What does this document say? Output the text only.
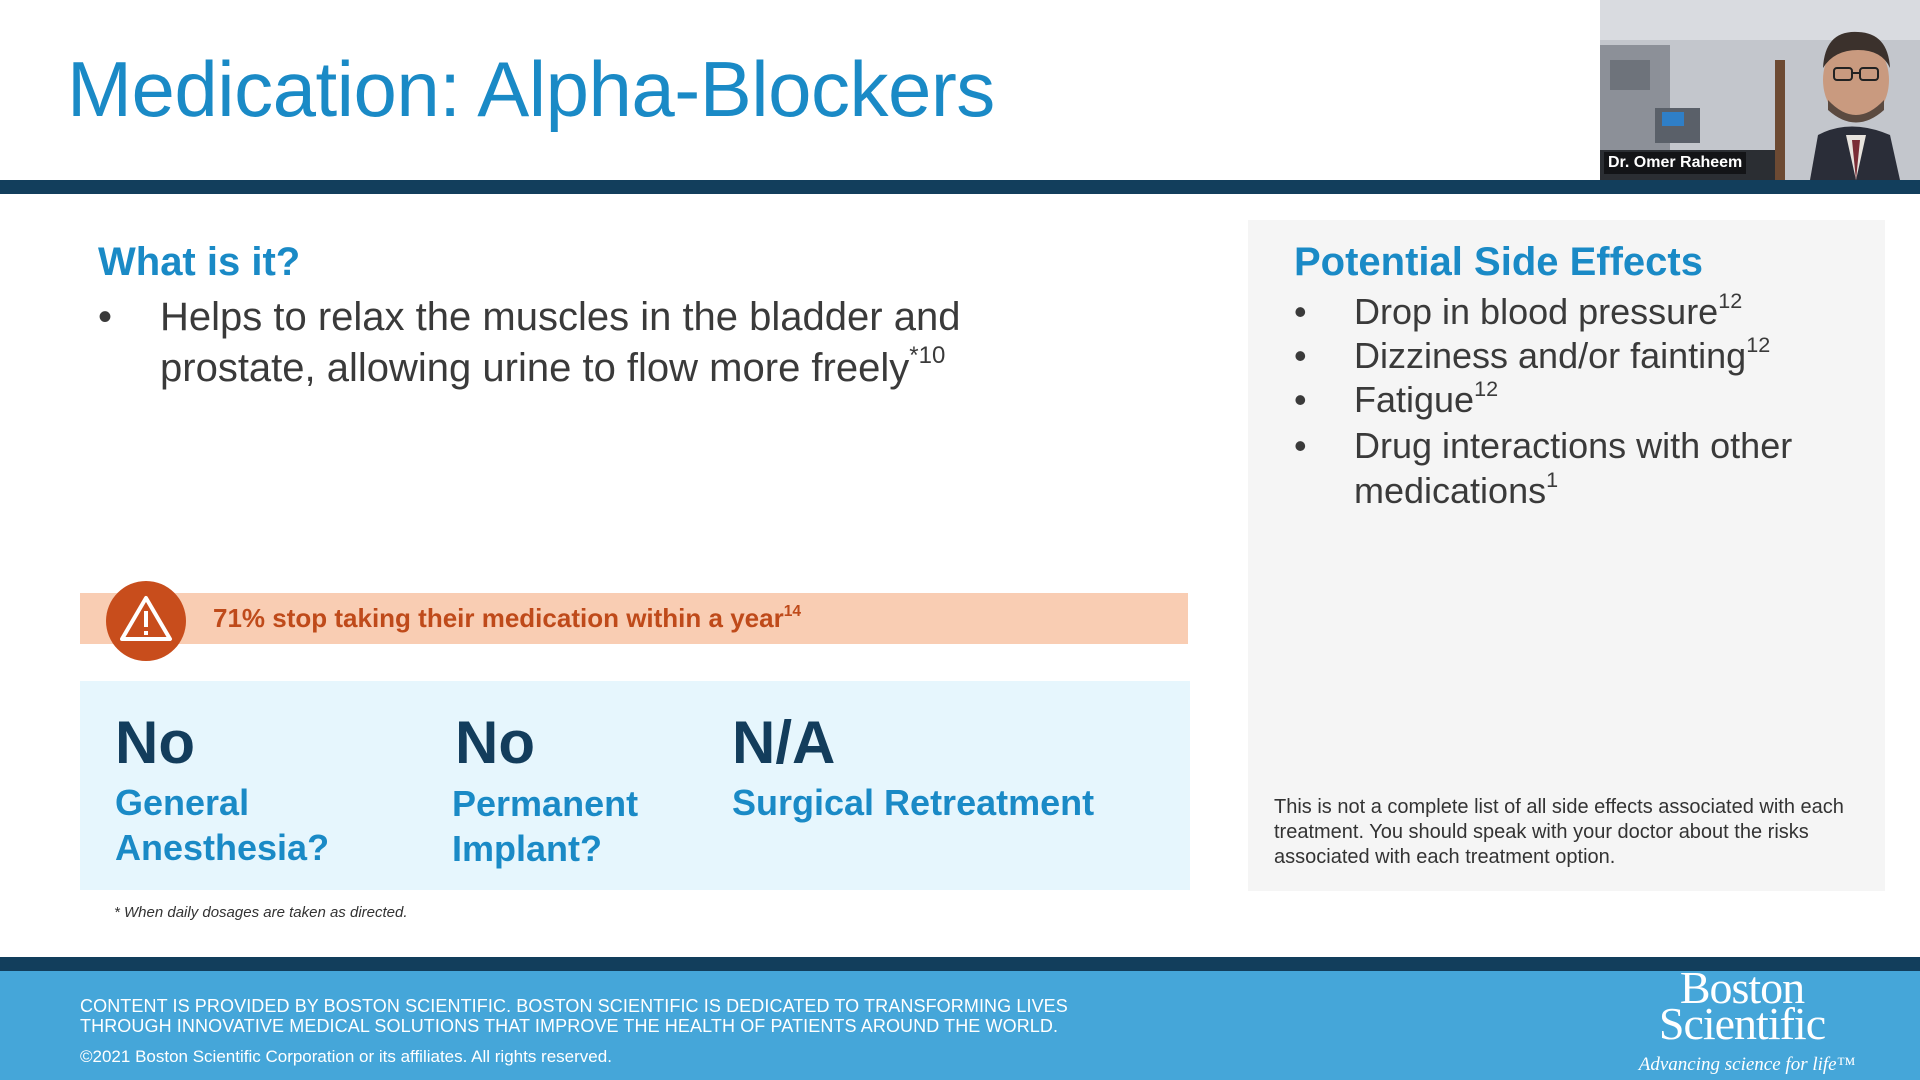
Medication: Alpha-Blockers
Dr. Omer Raheem
What is it?
•	Helps to relax the muscles in the bladder and
prostate, allowing urine to flow more freely$^{*10}$
71% stop taking their medication within a year$^{14}$
No
General
Anesthesia?
No
Permanent
Implant?
N/A
Surgical Retreatment
* When daily dosages are taken as directed.
Potential Side Effects
•	Drop in blood pressure$^{12}$
•	Dizziness and/or fainting$^{12}$
•	Fatigue$^{12}$
•	Drug interactions with other
medications$^1$
This is not a complete list of all side effects associated with each treatment. You should speak with your doctor about the risks associated with each treatment option.
CONTENT IS PROVIDED BY BOSTON SCIENTIFIC. BOSTON SCIENTIFIC IS DEDICATED TO TRANSFORMING LIVES
THROUGH INNOVATIVE MEDICAL SOLUTIONS THAT IMPROVE THE HEALTH OF PATIENTS AROUND THE WORLD.
©2021 Boston Scientific Corporation or its affiliates. All rights reserved.
Boston
Scientific
Advancing science for life™
